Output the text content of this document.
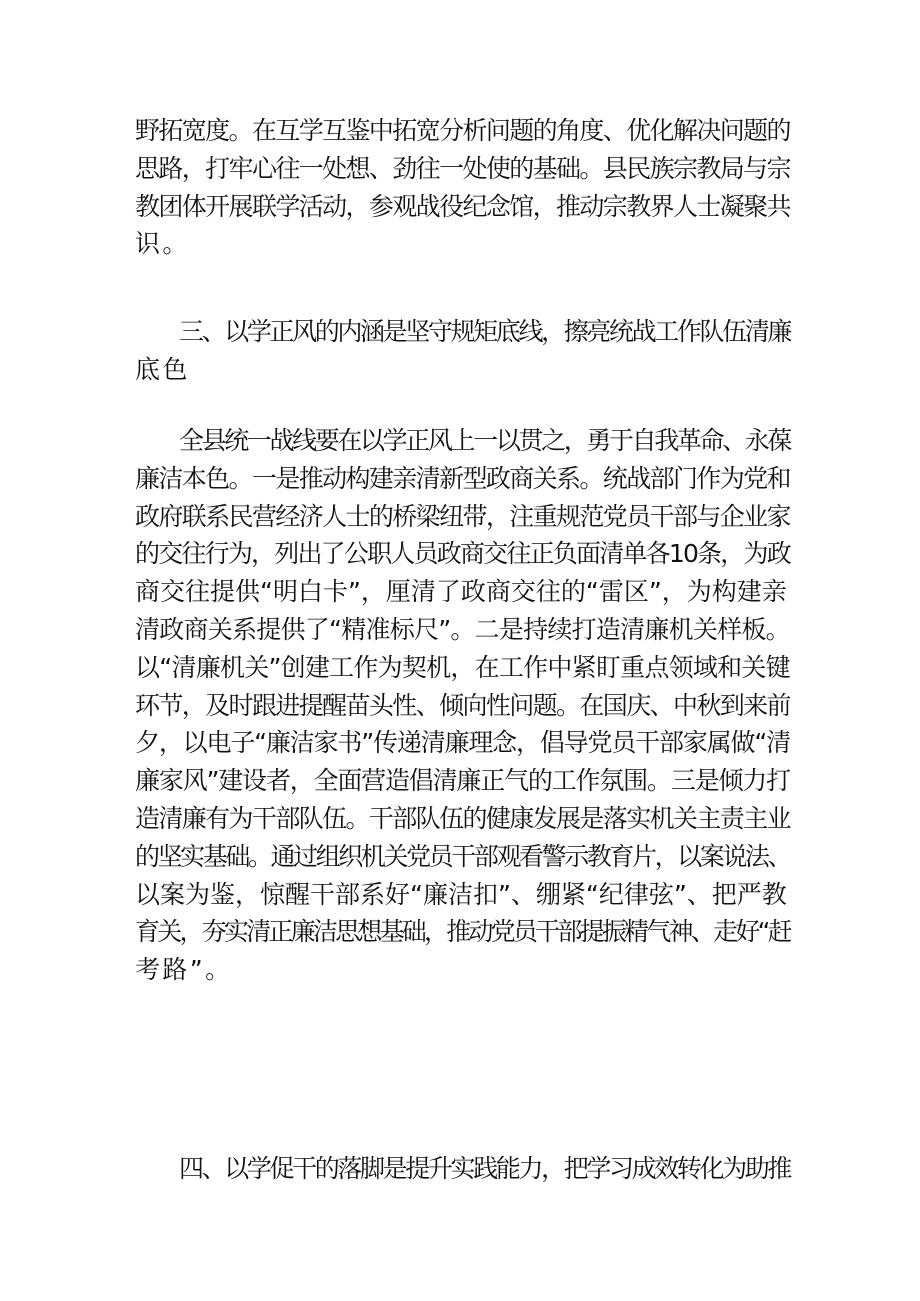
野拓宽度。在互学互鉴中拓宽分析问题的角度、优化解决问题的
思路，打牢心往一处想、劲往一处使的基础。县民族宗教局与宗
教团体开展联学活动，参观战役纪念馆，推动宗教界人士凝聚共
识。
三、以学正风的内涵是坚守规矩底线，擦亮统战工作队伍清廉
底色
全县统一战线要在以学正风上一以贯之，勇于自我革命、永葆
廉洁本色。一是推动构建亲清新型政商关系。统战部门作为党和
政府联系民营经济人士的桥梁纽带，注重规范党员干部与企业家
的交往行为，列出了公职人员政商交往正负面清单各10条，为政
商交往提供“明白卡”，厘清了政商交往的“雷区”，为构建亲
清政商关系提供了“精准标尺”。二是持续打造清廉机关样板。
以“清廉机关”创建工作为契机，在工作中紧盯重点领域和关键
环节，及时跟进提醒苗头性、倾向性问题。在国庆、中秋到来前
夕，以电子“廉洁家书”传递清廉理念，倡导党员干部家属做“清
廉家风”建设者，全面营造倡清廉正气的工作氛围。三是倾力打
造清廉有为干部队伍。干部队伍的健康发展是落实机关主责主业
的坚实基础。通过组织机关党员干部观看警示教育片，以案说法、
以案为鉴，惊醒干部系好“廉洁扣”、绷紧“纪律弦”、把严教
育关，夯实清正廉洁思想基础，推动党员干部提振精气神、走好“赶
考路”。
四、以学促干的落脚是提升实践能力，把学习成效转化为助推
